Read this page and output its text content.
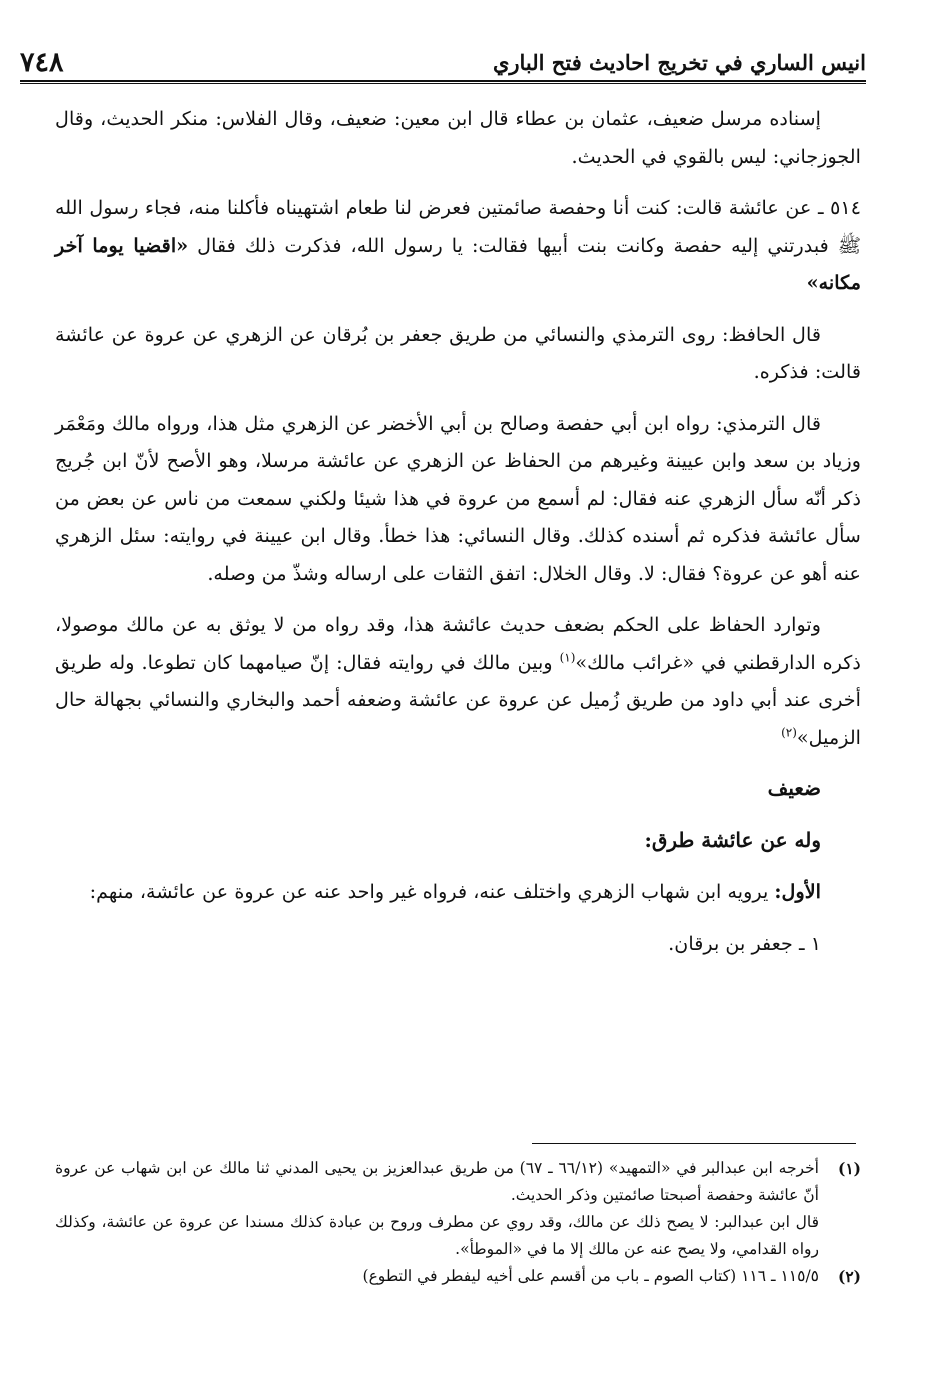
انيس الساري في تخريج احاديث فتح الباري
٧٤٨

إسناده مرسل ضعيف، عثمان بن عطاء قال ابن معين: ضعيف، وقال الفلاس: منكر الحديث، وقال الجوزجاني: ليس بالقوي في الحديث.

٥١٤ ـ عن عائشة قالت: كنت أنا وحفصة صائمتين فعرض لنا طعام اشتهيناه فأكلنا منه، فجاء رسول الله ﷺ فبدرتني إليه حفصة وكانت بنت أبيها فقالت: يا رسول الله، فذكرت ذلك فقال «اقضيا يوما آخر مكانه»

قال الحافظ: روى الترمذي والنسائي من طريق جعفر بن بُرقان عن الزهري عن عروة عن عائشة قالت: فذكره.

قال الترمذي: رواه ابن أبي حفصة وصالح بن أبي الأخضر عن الزهري مثل هذا، ورواه مالك ومَعْمَر وزياد بن سعد وابن عيينة وغيرهم من الحفاظ عن الزهري عن عائشة مرسلا، وهو الأصح لأنّ ابن جُريج ذكر أنّه سأل الزهري عنه فقال: لم أسمع من عروة في هذا شيئا ولكني سمعت من ناس عن بعض من سأل عائشة فذكره ثم أسنده كذلك. وقال النسائي: هذا خطأ. وقال ابن عيينة في روايته: سئل الزهري عنه أهو عن عروة؟ فقال: لا. وقال الخلال: اتفق الثقات على ارساله وشذّ من وصله.

وتوارد الحفاظ على الحكم بضعف حديث عائشة هذا، وقد رواه من لا يوثق به عن مالك موصولا، ذكره الدارقطني في «غرائب مالك»$^{(١)}$ وبين مالك في روايته فقال: إنّ صيامهما كان تطوعا. وله طريق أخرى عند أبي داود من طريق زُميل عن عروة عن عائشة وضعفه أحمد والبخاري والنسائي بجهالة حال الزميل»$^{(٢)}$

ضعيف

وله عن عائشة طرق:

الأول: يرويه ابن شهاب الزهري واختلف عنه، فرواه غير واحد عنه عن عروة عن عائشة، منهم:

١ ـ جعفر بن برقان.

(١)

أخرجه ابن عبدالبر في «التمهيد» (٦٦/١٢ ـ ٦٧) من طريق عبدالعزيز بن يحيى المدني ثنا مالك عن ابن شهاب عن عروة أنّ عائشة وحفصة أصبحتا صائمتين وذكر الحديث.

قال ابن عبدالبر: لا يصح ذلك عن مالك، وقد روي عن مطرف وروح بن عبادة كذلك مسندا عن عروة عن عائشة، وكذلك رواه القدامي، ولا يصح عنه عن مالك إلا ما في «الموطأ».

(٢)

١١٥/٥ ـ ١١٦ (كتاب الصوم ـ باب من أقسم على أخيه ليفطر في التطوع)
